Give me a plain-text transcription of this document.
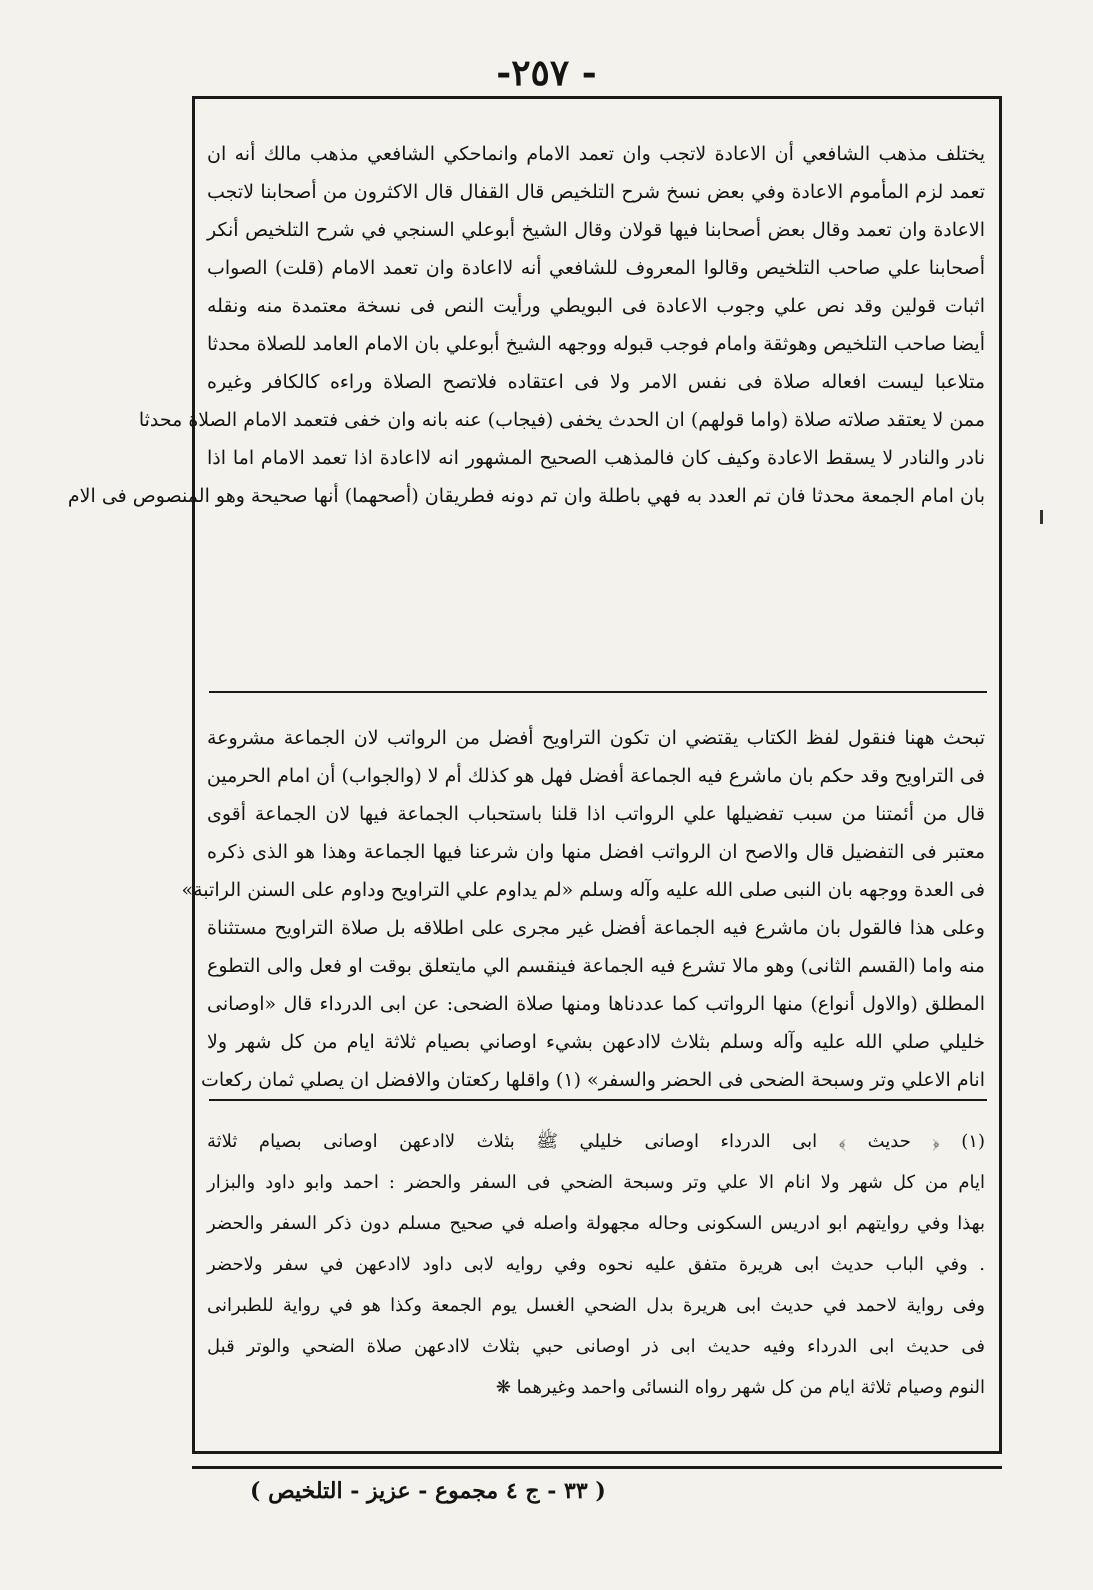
-٢٥٧ -

يختلف مذهب الشافعي أن الاعادة لاتجب وان تعمد الامام وانماحكي الشافعي مذهب مالك أنه ان

تعمد لزم المأموم الاعادة وفي بعض نسخ شرح التلخيص قال القفال قال الاكثرون من أصحابنا لاتجب

الاعادة وان تعمد وقال بعض أصحابنا فيها قولان وقال الشيخ أبوعلي السنجي في شرح التلخيص أنكر

أصحابنا علي صاحب التلخيص وقالوا المعروف للشافعي أنه لااعادة وان تعمد الامام (قلت) الصواب

اثبات قولين وقد نص علي وجوب الاعادة فى البويطي ورأيت النص فى نسخة معتمدة منه ونقله

أيضا صاحب التلخيص وهوثقة وامام فوجب قبوله ووجهه الشيخ أبوعلي بان الامام العامد للصلاة محدثا

متلاعبا ليست افعاله صلاة فى نفس الامر ولا فى اعتقاده فلاتصح الصلاة وراءه كالكافر وغيره

ممن لا يعتقد صلاته صلاة (واما قولهم) ان الحدث يخفى (فيجاب) عنه بانه وان خفى فتعمد الامام الصلاة محدثا

نادر والنادر لا يسقط الاعادة وكيف كان فالمذهب الصحيح المشهور انه لااعادة اذا تعمد الامام اما اذا

بان امام الجمعة محدثا فان تم العدد به فهي باطلة وان تم دونه فطريقان (أصحهما) أنها صحيحة وهو المنصوص فى الام

تبحث ههنا فنقول لفظ الكتاب يقتضي ان تكون التراويح أفضل من الرواتب لان الجماعة مشروعة

فى التراويح وقد حكم بان ماشرع فيه الجماعة أفضل فهل هو كذلك أم لا (والجواب) أن امام الحرمين

قال من أئمتنا من سبب تفضيلها علي الرواتب اذا قلنا باستحباب الجماعة فيها لان الجماعة أقوى

معتبر فى التفضيل قال والاصح ان الرواتب افضل منها وان شرعنا فيها الجماعة وهذا هو الذى ذكره

فى العدة ووجهه بان النبى صلى الله عليه وآله وسلم «لم يداوم علي التراويح وداوم على السنن الراتبة»

وعلى هذا فالقول بان ماشرع فيه الجماعة أفضل غير مجرى على اطلاقه بل صلاة التراويح مستثناة

منه واما (القسم الثانى) وهو مالا تشرع فيه الجماعة فينقسم الي مايتعلق بوقت او فعل والى التطوع

المطلق (والاول أنواع) منها الرواتب كما عددناها ومنها صلاة الضحى: عن ابى الدرداء قال «اوصانى

خليلي صلي الله عليه وآله وسلم بثلاث لاادعهن بشيء اوصاني بصيام ثلاثة ايام من كل شهر ولا

انام الاعلي وتر وسبحة الضحى فى الحضر والسفر» (١) واقلها ركعتان والافضل ان يصلي ثمان ركعات

(١) ﴿ حديث ﴾ ابى الدرداء اوصانى خليلي ﷺ بثلاث لاادعهن اوصانى بصيام ثلاثة

ايام من كل شهر ولا انام الا علي وتر وسبحة الضحي فى السفر والحضر : احمد وابو داود والبزار

بهذا وفي روايتهم ابو ادريس السكونى وحاله مجهولة واصله في صحيح مسلم دون ذكر السفر والحضر

. وفي الباب حديث ابى هريرة متفق عليه نحوه وفي روايه لابى داود لاادعهن في سفر ولاحضر

وفى رواية لاحمد في حديث ابى هريرة بدل الضحي الغسل يوم الجمعة وكذا هو في رواية للطبرانى

فى حديث ابى الدرداء وفيه حديث ابى ذر اوصانى حبي بثلاث لاادعهن صلاة الضحي والوتر قبل

النوم وصيام ثلاثة ايام من كل شهر رواه النسائى واحمد وغيرهما ❋

( ٣٣ - ج ٤ مجموع - عزيز - التلخيص )
